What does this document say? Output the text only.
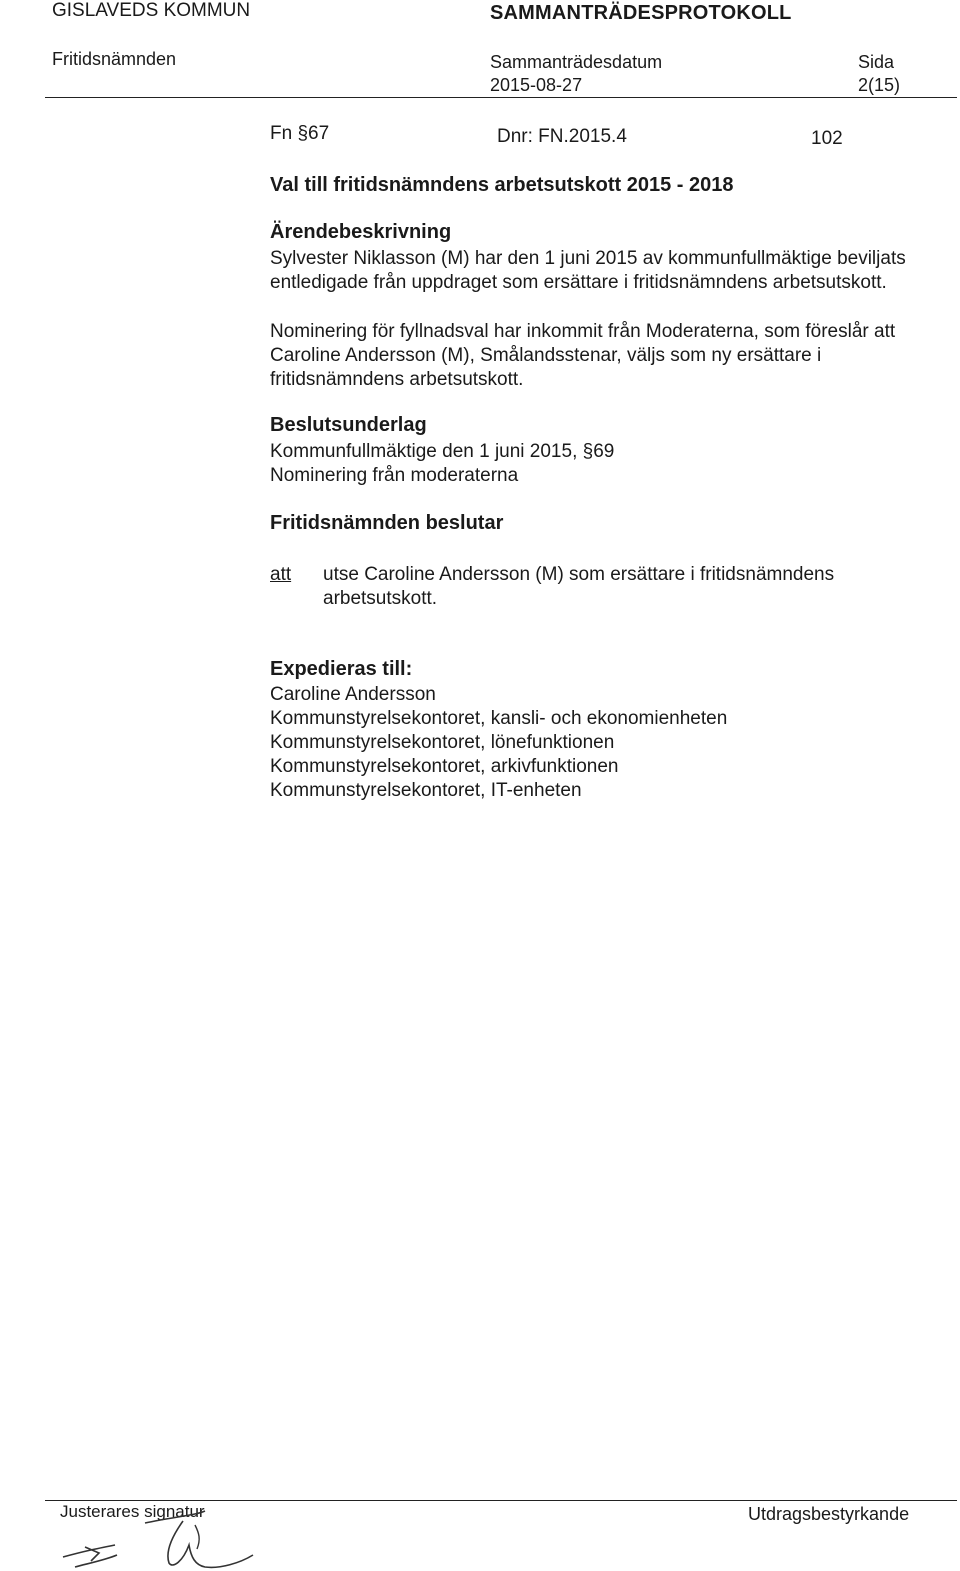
GISLAVEDS KOMMUN	SAMMANTRÄDESPROTOKOLL
Fritidsnämnden	Sammanträdesdatum
2015-08-27
Sida
2(15)
Fn §67	Dnr: FN.2015.4	102
Val till fritidsnämndens arbetsutskott 2015 - 2018
Ärendebeskrivning
Sylvester Niklasson (M) har den 1 juni 2015 av kommunfullmäktige beviljats
entledigade från uppdraget som ersättare i fritidsnämndens arbetsutskott.
Nominering för fyllnadsval har inkommit från Moderaterna, som föreslår att
Caroline Andersson (M), Smålandsstenar, väljs som ny ersättare i
fritidsnämndens arbetsutskott.
Beslutsunderlag
Kommunfullmäktige den 1 juni 2015, §69
Nominering från moderaterna
Fritidsnämnden beslutar
att utse Caroline Andersson (M) som ersättare i fritidsnämndens
arbetsutskott.
Expedieras till:
Caroline Andersson
Kommunstyrelsekontoret, kansli- och ekonomienheten
Kommunstyrelsekontoret, lönefunktionen
Kommunstyrelsekontoret, arkivfunktionen
Kommunstyrelsekontoret, IT-enheten
Justerares signatur	Utdragsbestyrkande
